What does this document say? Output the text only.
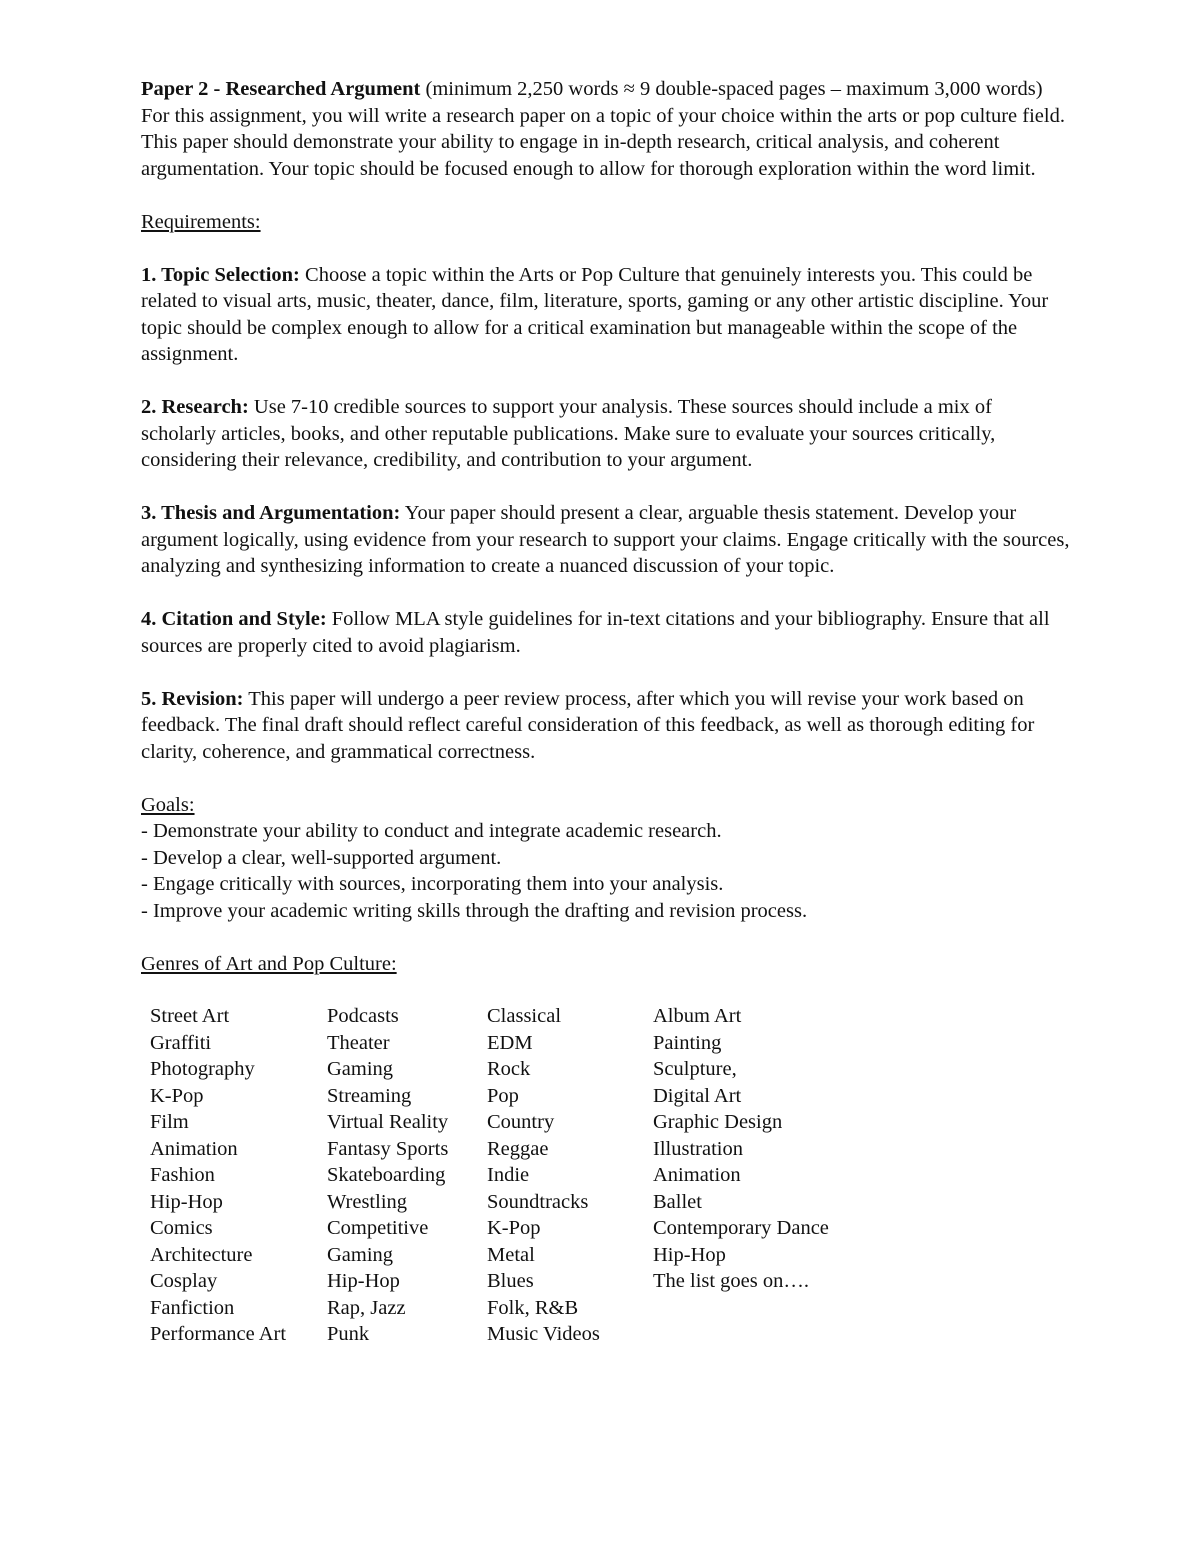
Paper 2 - Researched Argument (minimum 2,250 words ≈ 9 double-spaced pages – maximum 3,000 words)

For this assignment, you will write a research paper on a topic of your choice within the arts or pop culture field. This paper should demonstrate your ability to engage in in-depth research, critical analysis, and coherent argumentation. Your topic should be focused enough to allow for thorough exploration within the word limit.

Requirements:

1. Topic Selection: Choose a topic within the Arts or Pop Culture that genuinely interests you. This could be related to visual arts, music, theater, dance, film, literature, sports, gaming or any other artistic discipline. Your topic should be complex enough to allow for a critical examination but manageable within the scope of the assignment.

2. Research: Use 7-10 credible sources to support your analysis. These sources should include a mix of scholarly articles, books, and other reputable publications. Make sure to evaluate your sources critically, considering their relevance, credibility, and contribution to your argument.

3. Thesis and Argumentation: Your paper should present a clear, arguable thesis statement. Develop your argument logically, using evidence from your research to support your claims. Engage critically with the sources, analyzing and synthesizing information to create a nuanced discussion of your topic.

4. Citation and Style: Follow MLA style guidelines for in-text citations and your bibliography. Ensure that all sources are properly cited to avoid plagiarism.

5. Revision: This paper will undergo a peer review process, after which you will revise your work based on feedback. The final draft should reflect careful consideration of this feedback, as well as thorough editing for clarity, coherence, and grammatical correctness.

Goals:

- Demonstrate your ability to conduct and integrate academic research.

- Develop a clear, well-supported argument.

- Engage critically with sources, incorporating them into your analysis.

- Improve your academic writing skills through the drafting and revision process.

Genres of Art and Pop Culture:

Street Art
Graffiti
Photography
K-Pop
Film
Animation
Fashion
Hip-Hop
Comics
Architecture
Cosplay
Fanfiction
Performance Art
Podcasts
Theater
Gaming
Streaming
Virtual Reality
Fantasy Sports
Skateboarding
Wrestling
Competitive
Gaming
Hip-Hop
Rap, Jazz
Punk
Classical
EDM
Rock
Pop
Country
Reggae
Indie
Soundtracks
K-Pop
Metal
Blues
Folk, R&B
Music Videos
Album Art
Painting
Sculpture,
Digital Art
Graphic Design
Illustration
Animation
Ballet
Contemporary Dance
Hip-Hop
The list goes on….
